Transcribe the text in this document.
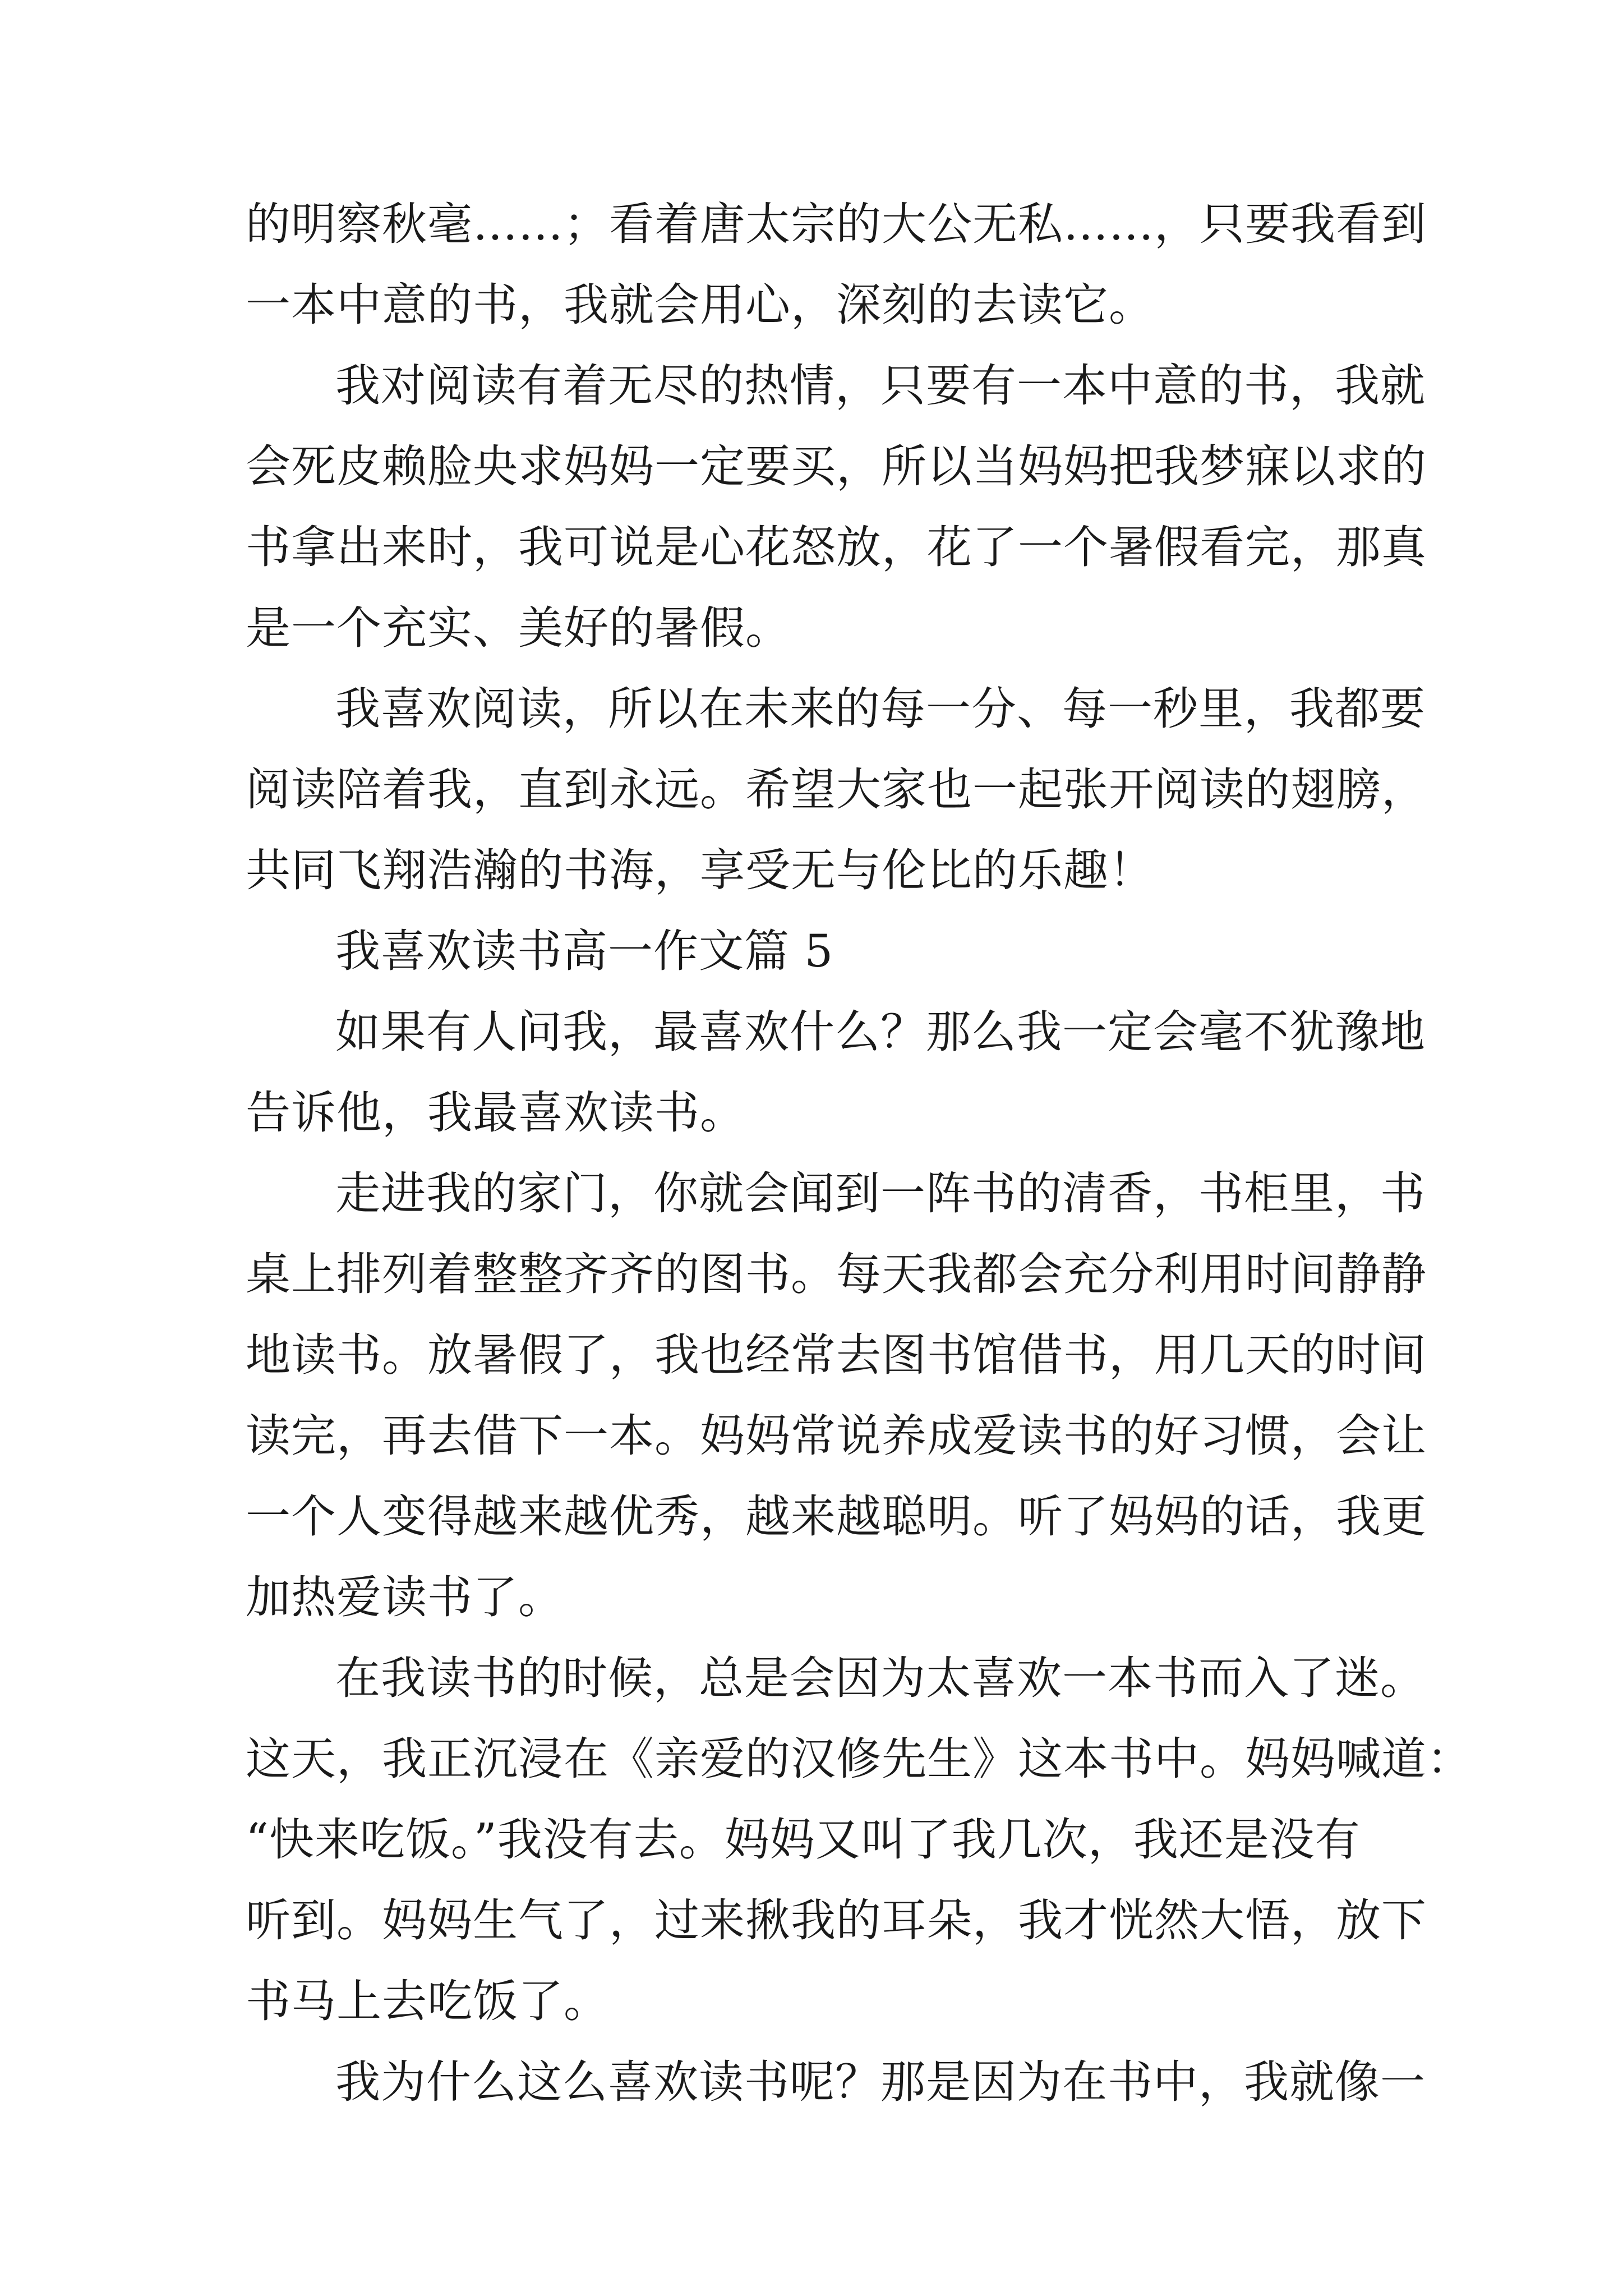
的明察秋毫……；看着唐太宗的大公无私……，只要我看到
一本中意的书，我就会用心，深刻的去读它。
我对阅读有着无尽的热情，只要有一本中意的书，我就
会死皮赖脸央求妈妈一定要买，所以当妈妈把我梦寐以求的
书拿出来时，我可说是心花怒放，花了一个暑假看完，那真
是一个充实、美好的暑假。
我喜欢阅读，所以在未来的每一分、每一秒里，我都要
阅读陪着我，直到永远。希望大家也一起张开阅读的翅膀，
共同飞翔浩瀚的书海，享受无与伦比的乐趣！
我喜欢读书高一作文篇 5
如果有人问我，最喜欢什么？那么我一定会毫不犹豫地
告诉他，我最喜欢读书。
走进我的家门，你就会闻到一阵书的清香，书柜里，书
桌上排列着整整齐齐的图书。每天我都会充分利用时间静静
地读书。放暑假了，我也经常去图书馆借书，用几天的时间
读完，再去借下一本。妈妈常说养成爱读书的好习惯，会让
一个人变得越来越优秀，越来越聪明。听了妈妈的话，我更
加热爱读书了。
在我读书的时候，总是会因为太喜欢一本书而入了迷。
这天，我正沉浸在《亲爱的汉修先生》这本书中。妈妈喊道：
“快来吃饭。”我没有去。妈妈又叫了我几次，我还是没有
听到。妈妈生气了，过来揪我的耳朵，我才恍然大悟，放下
书马上去吃饭了。
我为什么这么喜欢读书呢？那是因为在书中，我就像一
